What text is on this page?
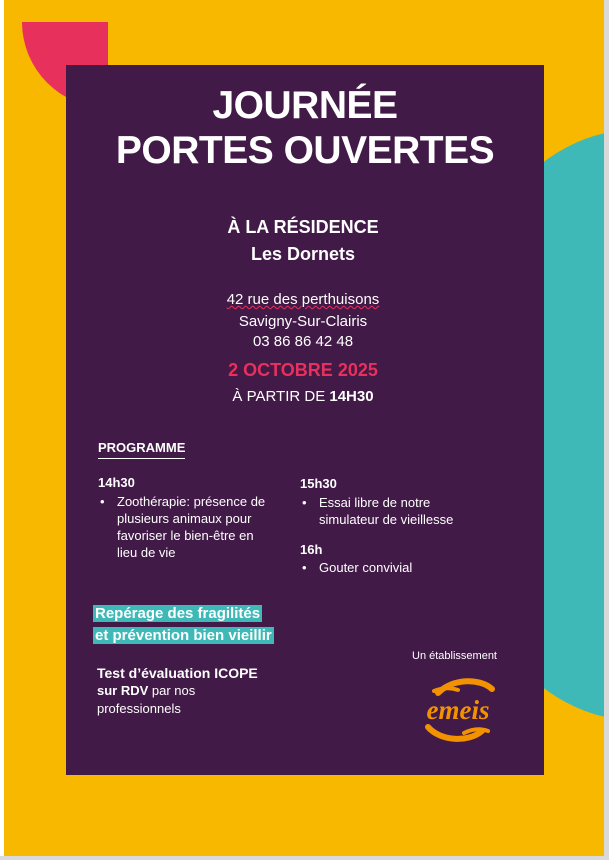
JOURNÉE
PORTES OUVERTES
À LA RÉSIDENCE
Les Dornets
42 rue des perthuisons
Savigny-Sur-Clairis
03 86 86 42 48
2 OCTOBRE 2025
À PARTIR DE 14H30
PROGRAMME
14h30
• Zoothérapie: présence de plusieurs animaux pour favoriser le bien-être en lieu de vie
15h30
• Essai libre de notre simulateur de vieillesse
16h
• Gouter convivial
Repérage des fragilités
et prévention bien vieillir
Test d’évaluation ICOPE
sur RDV par nos
professionnels
Un établissement
emeis
